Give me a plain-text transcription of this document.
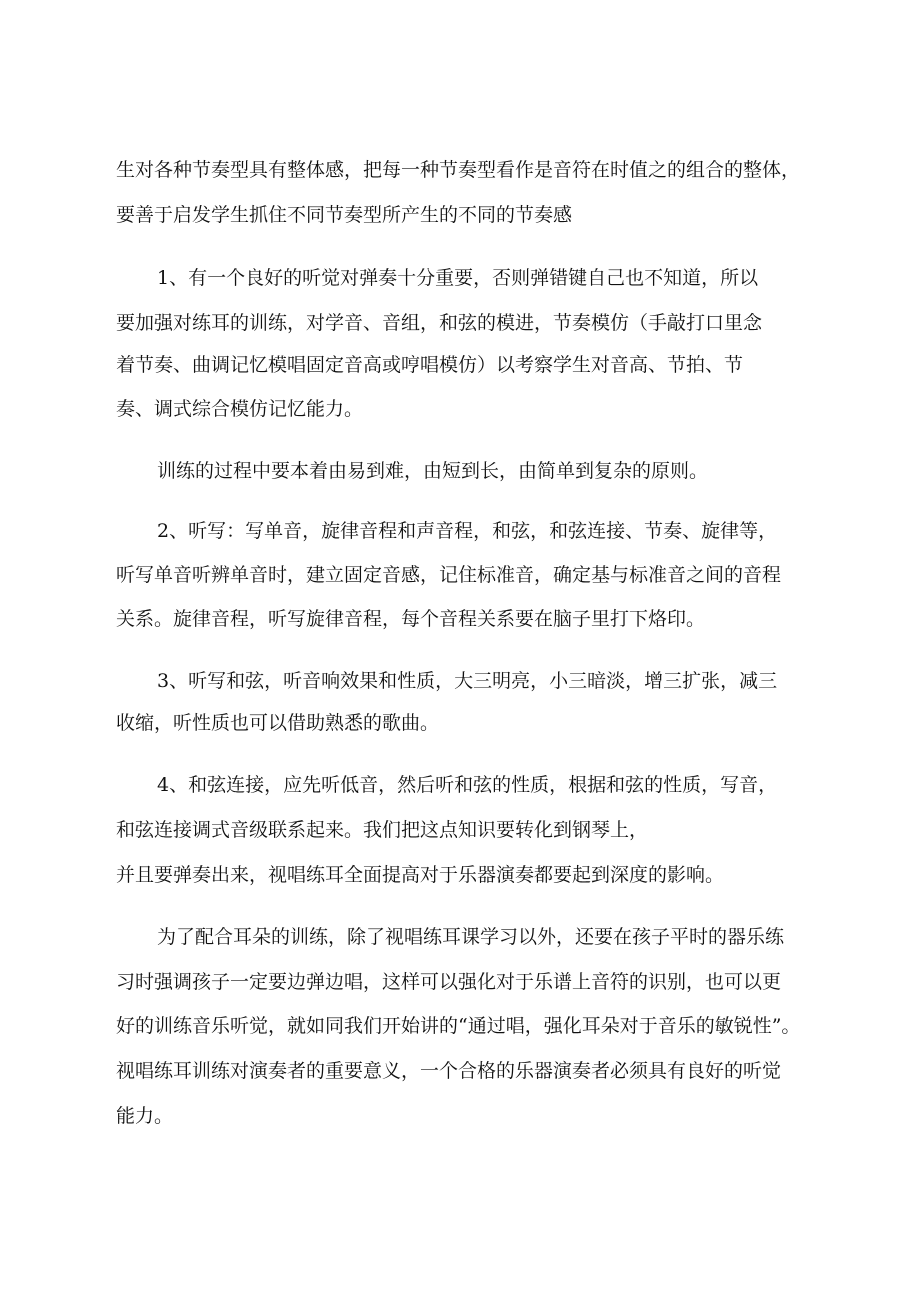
生对各种节奏型具有整体感，把每一种节奏型看作是音符在时值之的组合的整体，

要善于启发学生抓住不同节奏型所产生的不同的节奏感

1、有一个良好的听觉对弹奏十分重要，否则弹错键自己也不知道，所以

要加强对练耳的训练，对学音、音组，和弦的模进，节奏模仿（手敲打口里念

着节奏、曲调记忆模唱固定音高或哼唱模仿）以考察学生对音高、节拍、节

奏、调式综合模仿记忆能力。

训练的过程中要本着由易到难，由短到长，由简单到复杂的原则。

2、听写：写单音，旋律音程和声音程，和弦，和弦连接、节奏、旋律等，

听写单音听辨单音时，建立固定音感，记住标准音，确定基与标准音之间的音程

关系。旋律音程，听写旋律音程，每个音程关系要在脑子里打下烙印。

3、听写和弦，听音响效果和性质，大三明亮，小三暗淡，增三扩张，减三

收缩，听性质也可以借助熟悉的歌曲。

4、和弦连接，应先听低音，然后听和弦的性质，根据和弦的性质，写音，

和弦连接调式音级联系起来。我们把这点知识要转化到钢琴上，

并且要弹奏出来，视唱练耳全面提高对于乐器演奏都要起到深度的影响。

为了配合耳朵的训练，除了视唱练耳课学习以外，还要在孩子平时的器乐练

习时强调孩子一定要边弹边唱，这样可以强化对于乐谱上音符的识别，也可以更

好的训练音乐听觉，就如同我们开始讲的“通过唱，强化耳朵对于音乐的敏锐性”。

视唱练耳训练对演奏者的重要意义，一个合格的乐器演奏者必须具有良好的听觉

能力。
